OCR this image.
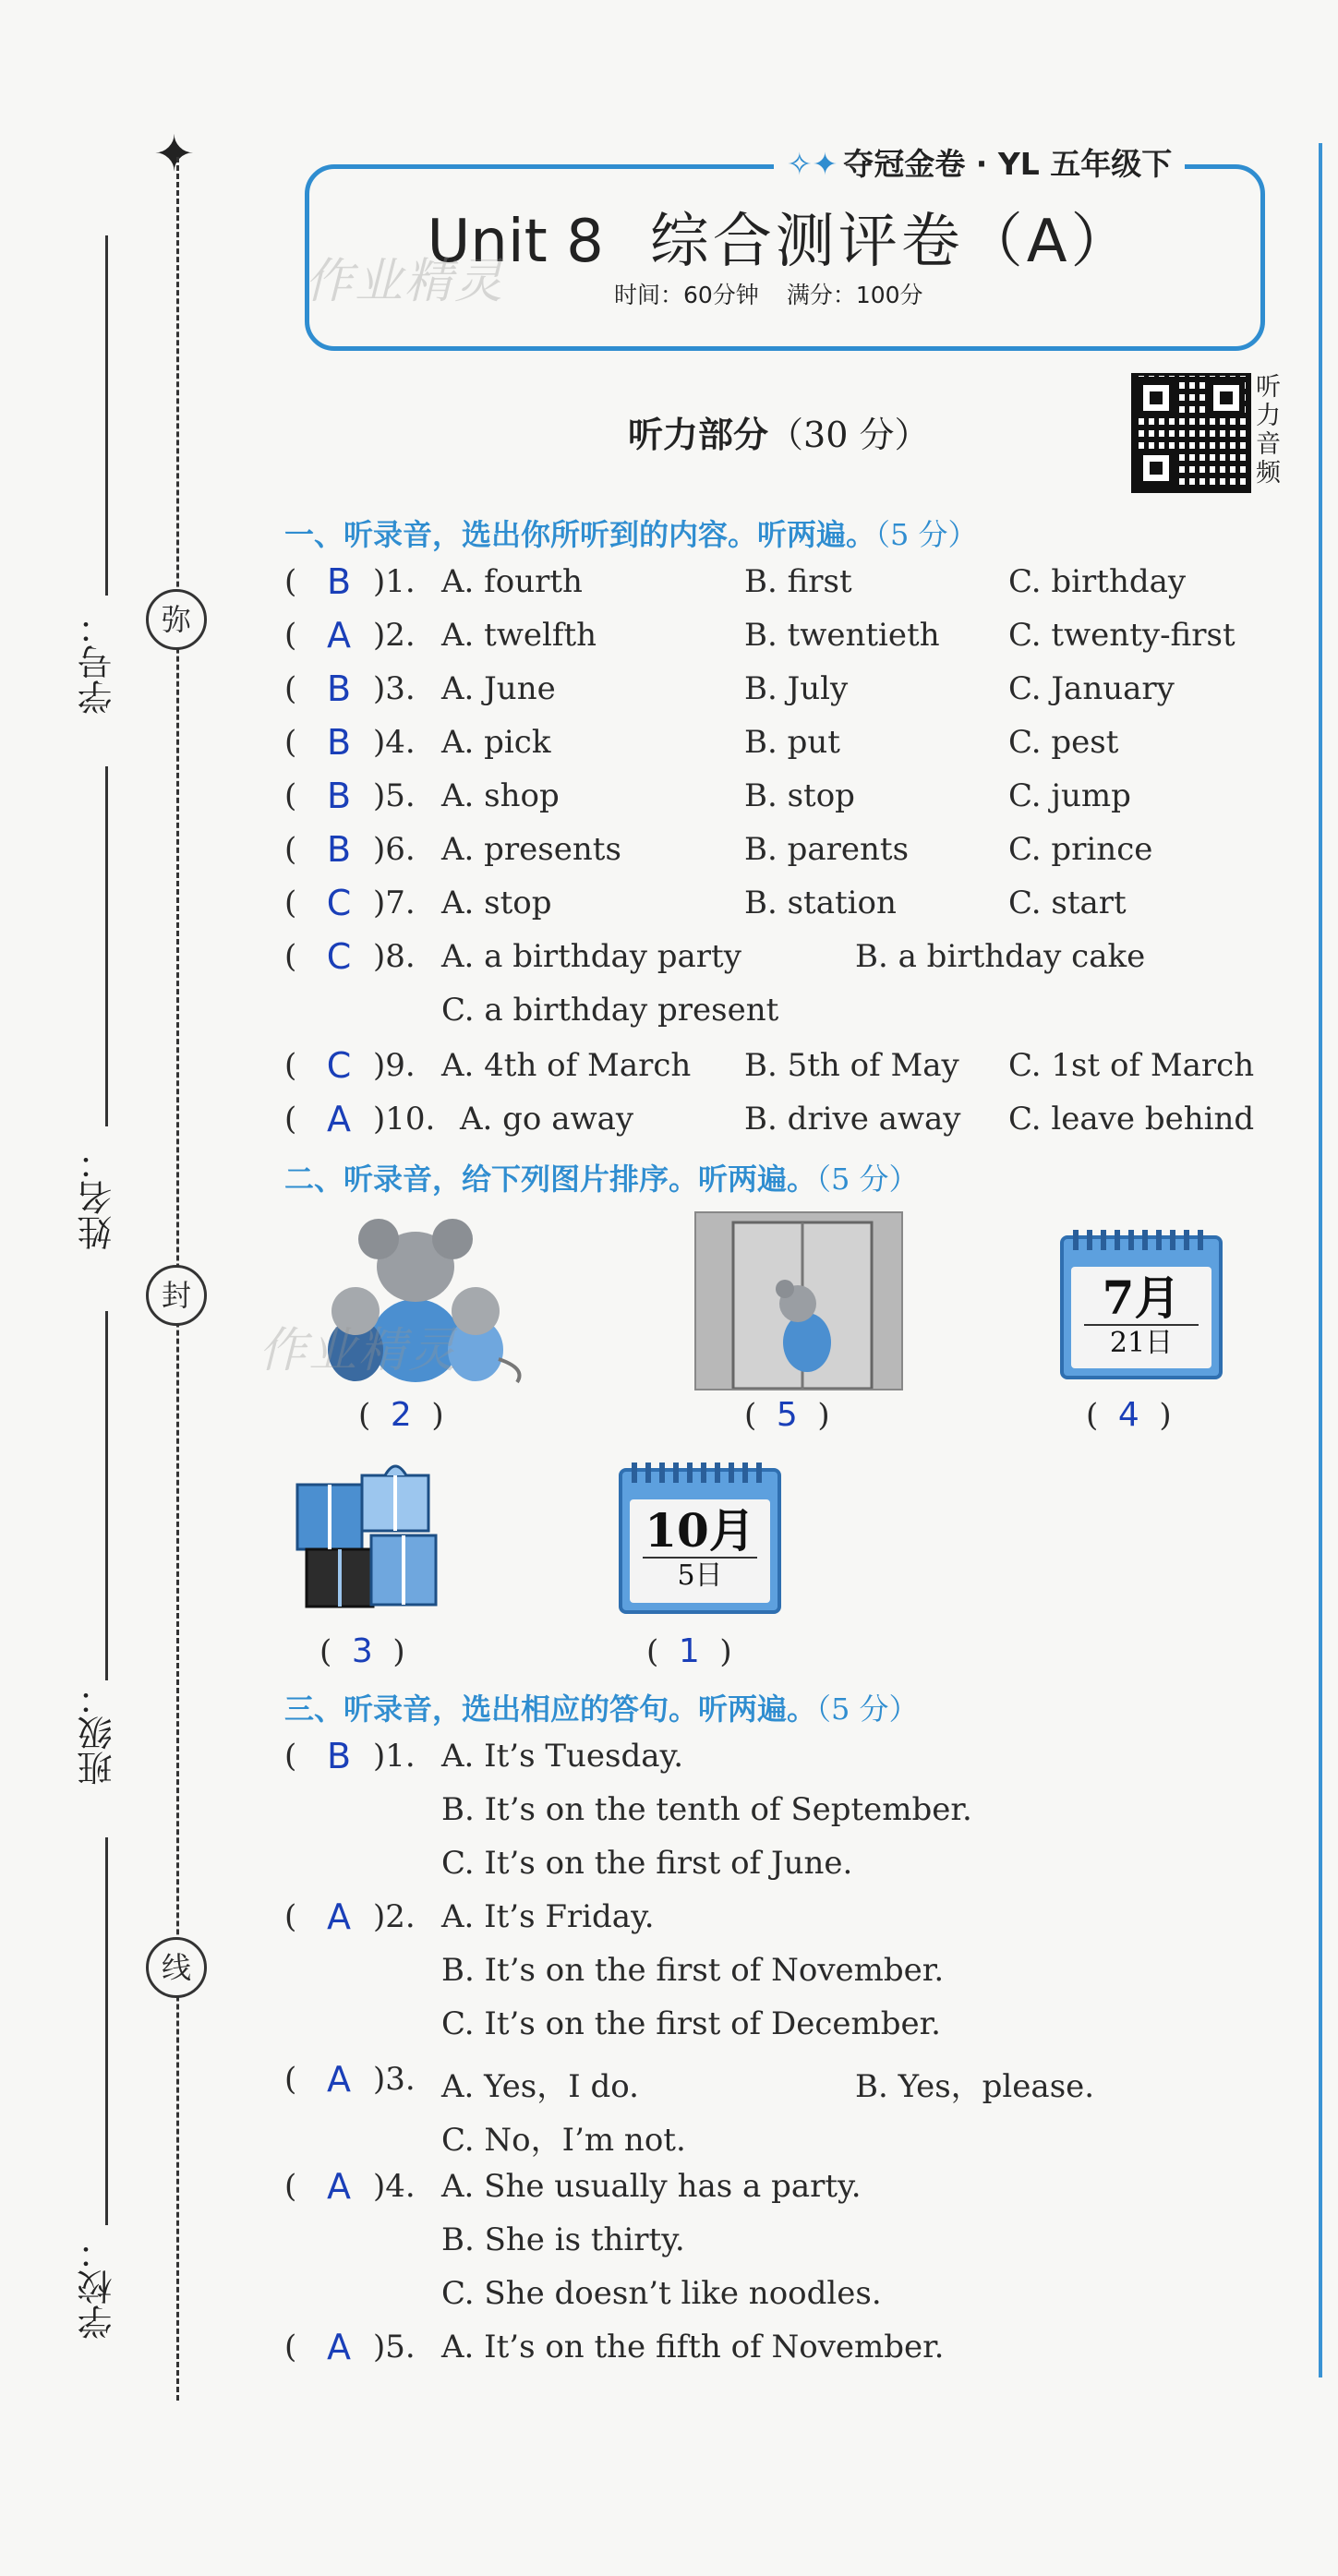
✦
学号：
姓名：
班级：
学校：
弥
封
线
✧✦ 夺冠金卷 · YL 五年级下
Unit 8 综合测评卷（A）
时间：60分钟 满分：100分
作业精灵
听力部分（30 分）
听
力
音
频
一、听录音，选出你所听到的内容。听两遍。（5 分）
( B )1. A. fourth	B. first	C. birthday
( A )2. A. twelfth	B. twentieth C. twenty-first
( B )3. A. June	B. July	C. January
( B )4. A. pick	B. put	C. pest
( B )5. A. shop	B. stop	C. jump
( B )6. A. presents	B. parents	C. prince
( C )7. A. stop	B. station	C. start
( C )8. A. a birthday party	B. a birthday cake
C. a birthday present
( C )9. A. 4th of March B. 5th of May C. 1st of March
( A )10. A. go away	B. drive away C. leave behind
二、听录音，给下列图片排序。听两遍。（5 分）
作业精灵
7月
21日
(  2  )	(  5  )	(  4  )
10月
5日
(  3  )	(  1  )
三、听录音，选出相应的答句。听两遍。（5 分）
( B )1. A. It’s Tuesday.
B. It’s on the tenth of September.
C. It’s on the first of June.
( A )2. A. It’s Friday.
B. It’s on the first of November.
C. It’s on the first of December.
( A )3. A. Yes，I do.	B. Yes，please.
C. No，I’m not.
( A )4. A. She usually has a party.
B. She is thirty.
C. She doesn’t like noodles.
( A )5. A. It’s on the fifth of November.
